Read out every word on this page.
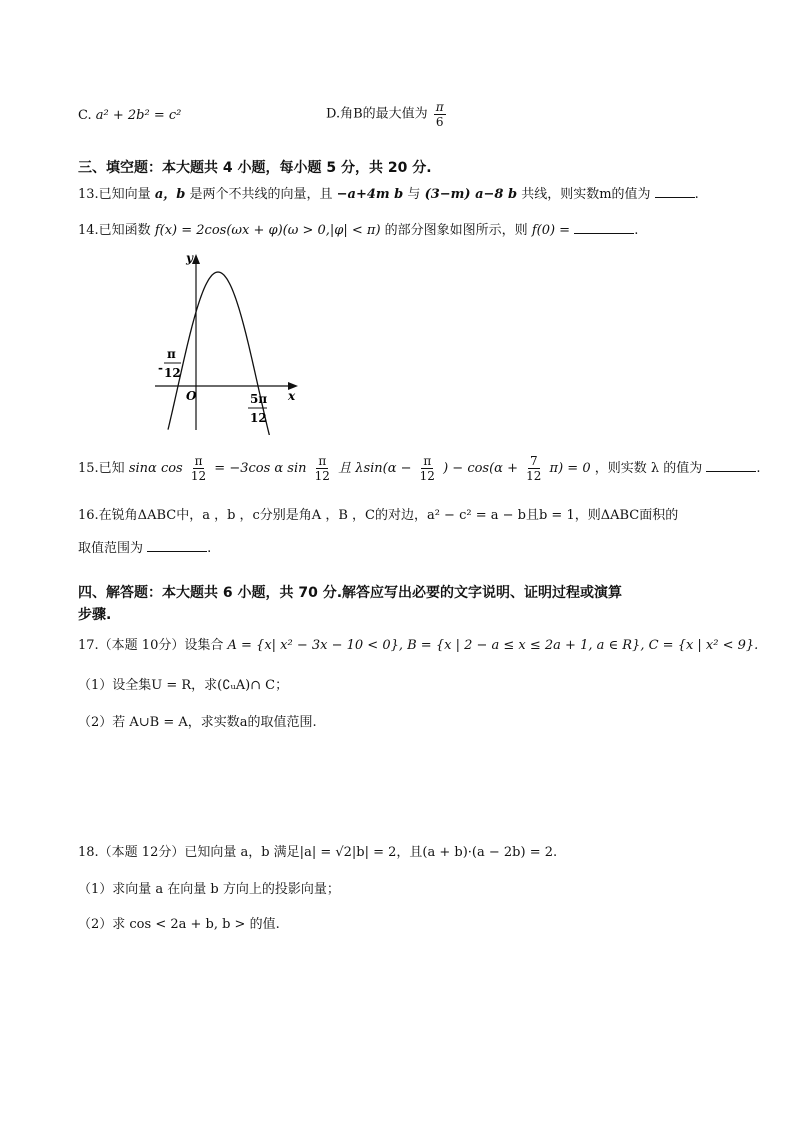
C. a² + 2b² = c²	D.角B的最大值为 $\frac{\pi}{6}$
三、填空题：本大题共 4 小题，每小题 5 分，共 20 分.
13.已知向量 a，b 是两个不共线的向量，且 −a+4m b 与 (3−m) a−8 b 共线，则实数m的值为	.
14.已知函数 f(x) = 2cos(ωx + φ)(ω > 0,|φ| < π) 的部分图象如图所示，则 f(0) =	.
y
x
O
-
π
12
5π
12
15.已知 sinα $\cos \frac{\pi}{12} = -3\cos$ α $\sin \frac{\pi}{12}$ 且 $\lambda\sin(\alpha - \frac{\pi}{12}$ ) − $\cos(\alpha + \frac{7}{12} \pi) = 0$ ，则实数 λ 的值为	.
16.在锐角ΔABC中，a ，b ，c分别是角A ，B ，C的对边，a² − c² = a − b且b = 1，则ΔABC面积的
取值范围为	.
四、解答题：本大题共 6 小题，共 70 分.解答应写出必要的文字说明、证明过程或演算
步骤.
17.（本题 10分）设集合 A = {x| x² − 3x − 10 < 0}, B = {x | 2 − a ≤ x ≤ 2a + 1, a ∈ R}, C = {x | x² < 9}.
（1）设全集U = R，求(∁ᵤA)∩ C；
（2）若 A∪B = A，求实数a的取值范围.
18.（本题 12分）已知向量 a，b 满足|a| = √2|b| = 2，且(a + b)·(a − 2b) = 2.
（1）求向量 a 在向量 b 方向上的投影向量；
（2）求 cos < 2a + b, b > 的值.
